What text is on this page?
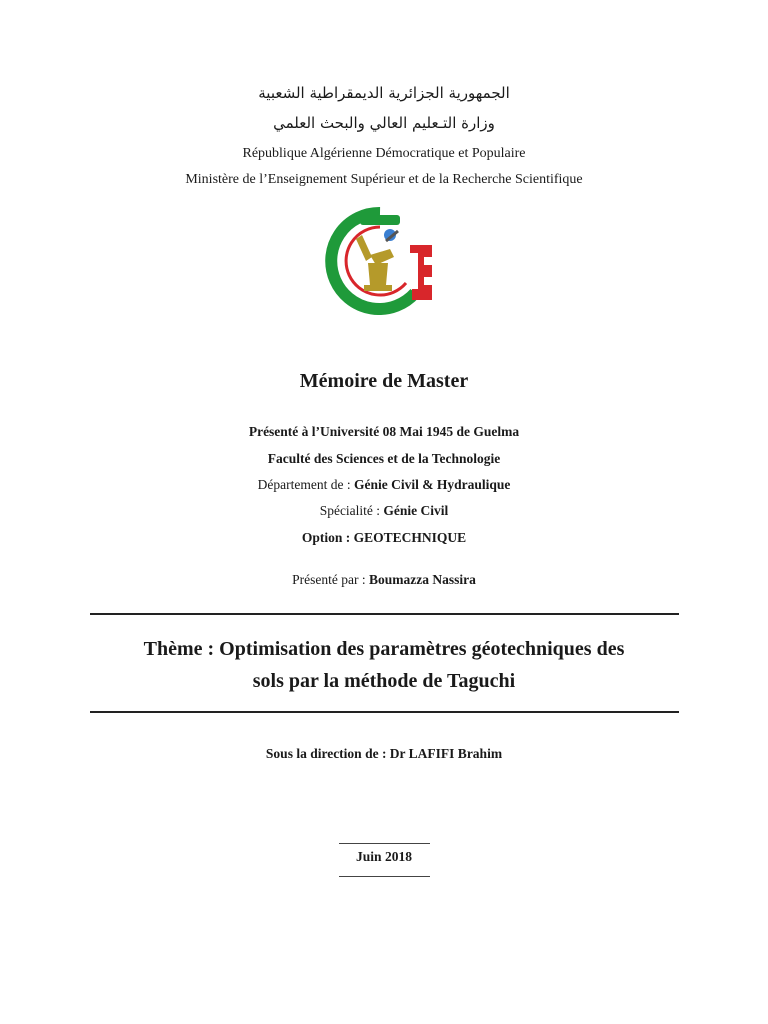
الجمهورية الجزائرية الديمقراطية الشعبية
وزارة التـعليم العالي والبحث العلمي
République Algérienne Démocratique et Populaire
Ministère de l’Enseignement Supérieur et de la Recherche Scientifique
Mémoire de Master
Présenté à l’Université 08 Mai 1945 de Guelma
Faculté des Sciences et de la Technologie
Département de : Génie Civil & Hydraulique
Spécialité : Génie Civil
Option : GEOTECHNIQUE
Présenté par : Boumazza Nassira
Thème : Optimisation des paramètres géotechniques des
sols par la méthode de Taguchi
Sous la direction de : Dr LAFIFI Brahim
Juin 2018
